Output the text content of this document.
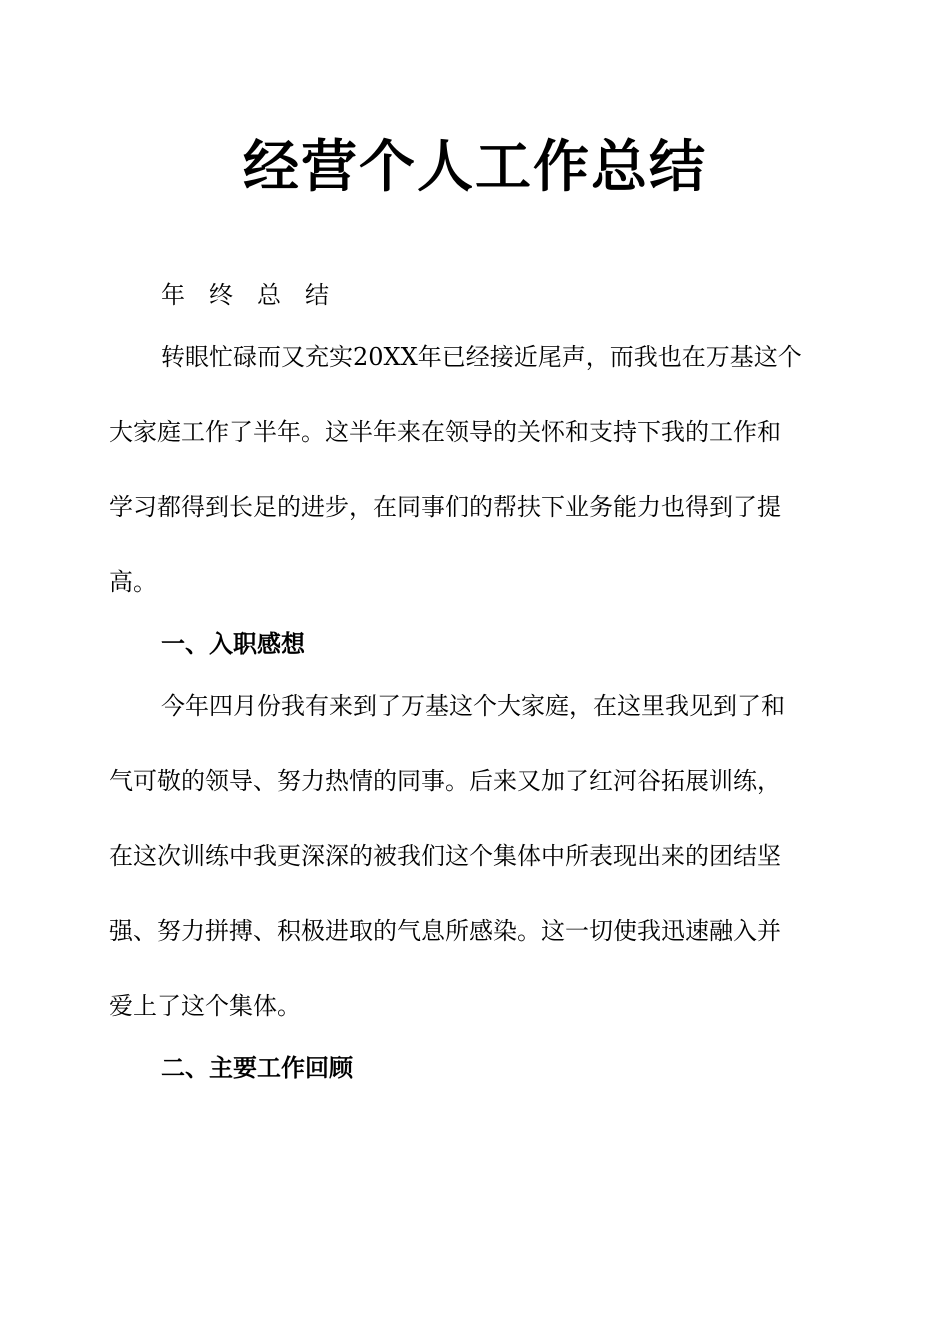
经营个人工作总结
年终总结
转眼忙碌而又充实20XX年已经接近尾声，而我也在万基这个
大家庭工作了半年。这半年来在领导的关怀和支持下我的工作和
学习都得到长足的进步，在同事们的帮扶下业务能力也得到了提
高。
一、入职感想
今年四月份我有来到了万基这个大家庭，在这里我见到了和
气可敬的领导、努力热情的同事。后来又加了红河谷拓展训练，
在这次训练中我更深深的被我们这个集体中所表现出来的团结坚
强、努力拼搏、积极进取的气息所感染。这一切使我迅速融入并
爱上了这个集体。
二、主要工作回顾
